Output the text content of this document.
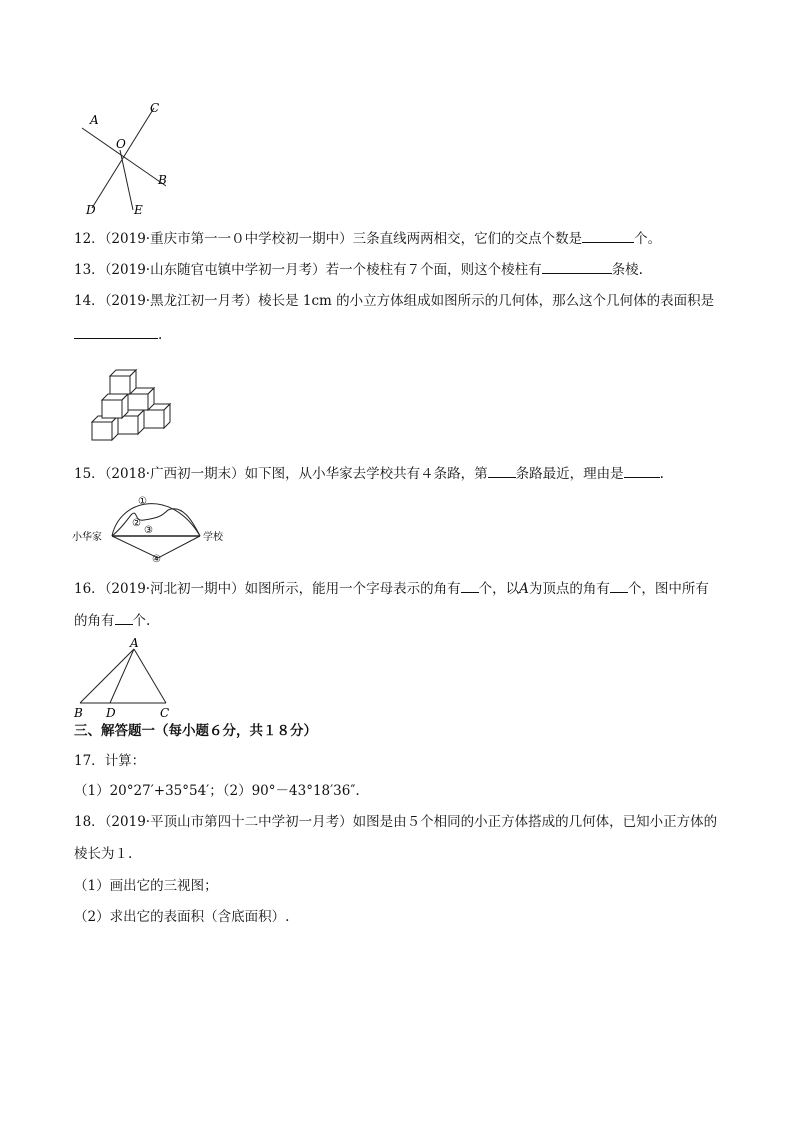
A
C
O
B
D	E
12．（2019·重庆市第一一０中学校初一期中）三条直线两两相交，它们的交点个数是	个。
13．（2019·山东随官屯镇中学初一月考）若一个棱柱有７个面，则这个棱柱有	条棱.
14．（2019·黑龙江初一月考）棱长是 1cm 的小立方体组成如图所示的几何体，那么这个几何体的表面积是
.
15．（2018·广西初一期末）如下图，从小华家去学校共有４条路，第 条路最近，理由是	.
小华家	学校
①
②
③
④
16．（2019·河北初一期中）如图所示，能用一个字母表示的角有 个，以A为顶点的角有 个，图中所有
的角有 个.
A
B D	C
三、解答题一（每小题６分，共１８分）
17．计算：
（1）20°27′+35°54′；（2）90°－43°18′36″.
18．（2019·平顶山市第四十二中学初一月考）如图是由５个相同的小正方体搭成的几何体，已知小正方体的
棱长为１.
（1）画出它的三视图；
（2）求出它的表面积（含底面积）.
